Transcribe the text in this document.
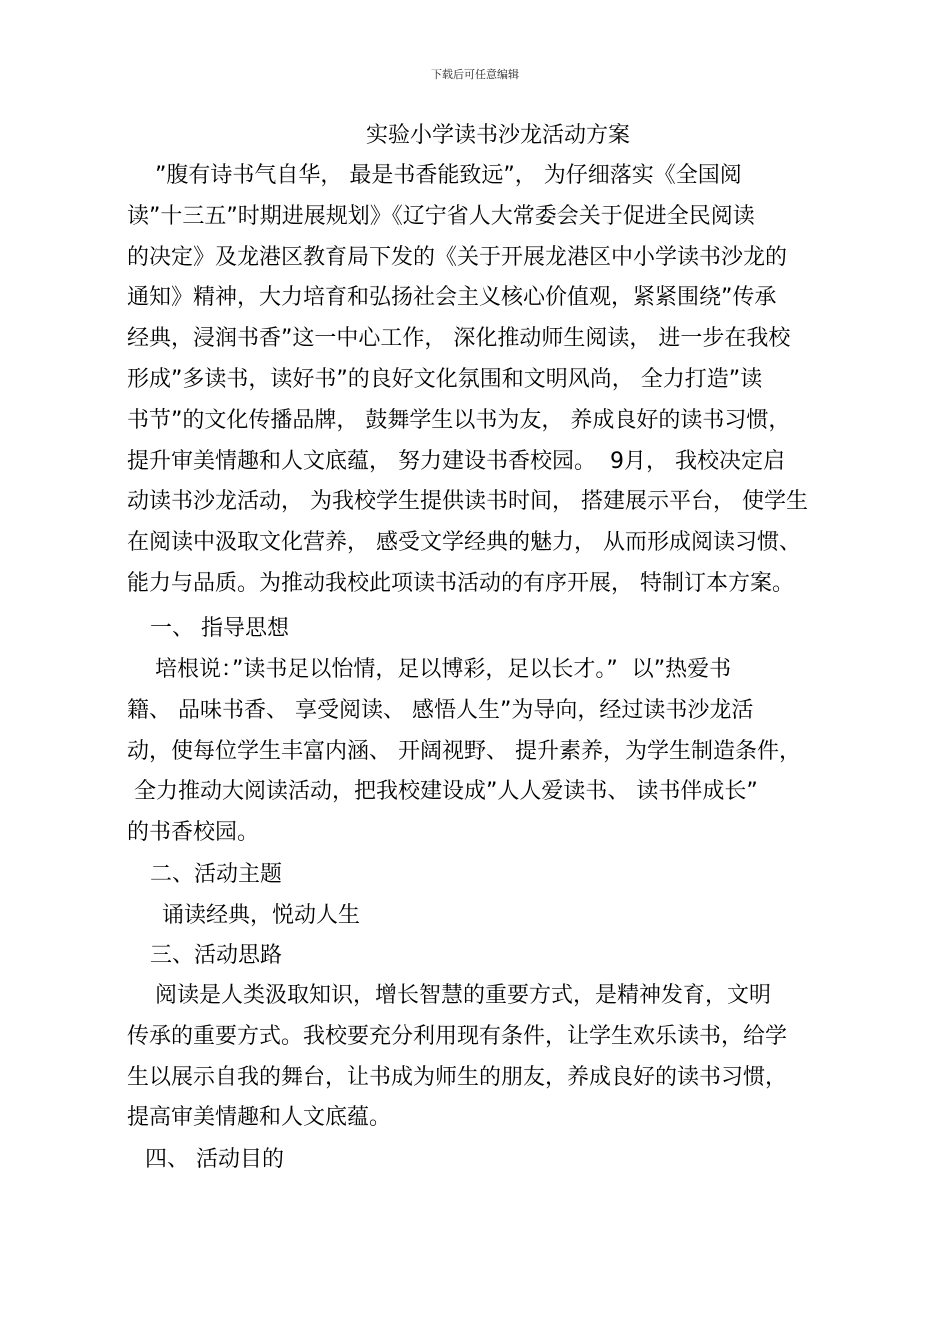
下载后可任意编辑
实验小学读书沙龙活动方案

”腹有诗书气自华， 最是书香能致远”， 为仔细落实《全国阅

读”十三五”时期进展规划》《辽宁省人大常委会关于促进全民阅读

的决定》及龙港区教育局下发的《关于开展龙港区中小学读书沙龙的

通知》精神，大力培育和弘扬社会主义核心价值观，紧紧围绕”传承

经典，浸润书香”这一中心工作， 深化推动师生阅读， 进一步在我校

形成”多读书，读好书”的良好文化氛围和文明风尚， 全力打造”读

书节”的文化传播品牌， 鼓舞学生以书为友， 养成良好的读书习惯，

提升审美情趣和人文底蕴， 努力建设书香校园。  9月， 我校决定启

动读书沙龙活动， 为我校学生提供读书时间， 搭建展示平台， 使学生

在阅读中汲取文化营养， 感受文学经典的魅力， 从而形成阅读习惯、

能力与品质。为推动我校此项读书活动的有序开展， 特制订本方案。

一、 指导思想

培根说：”读书足以怡情，足以博彩，足以长才。”  以”热爱书

籍、 品味书香、 享受阅读、 感悟人生”为导向，经过读书沙龙活

动，使每位学生丰富内涵、 开阔视野、 提升素养，为学生制造条件，

全力推动大阅读活动，把我校建设成”人人爱读书、 读书伴成长”

的书香校园。

二、活动主题

诵读经典，悦动人生

三、活动思路

阅读是人类汲取知识，增长智慧的重要方式，是精神发育，文明

传承的重要方式。我校要充分利用现有条件，让学生欢乐读书，给学

生以展示自我的舞台，让书成为师生的朋友，养成良好的读书习惯，

提高审美情趣和人文底蕴。

四、 活动目的
